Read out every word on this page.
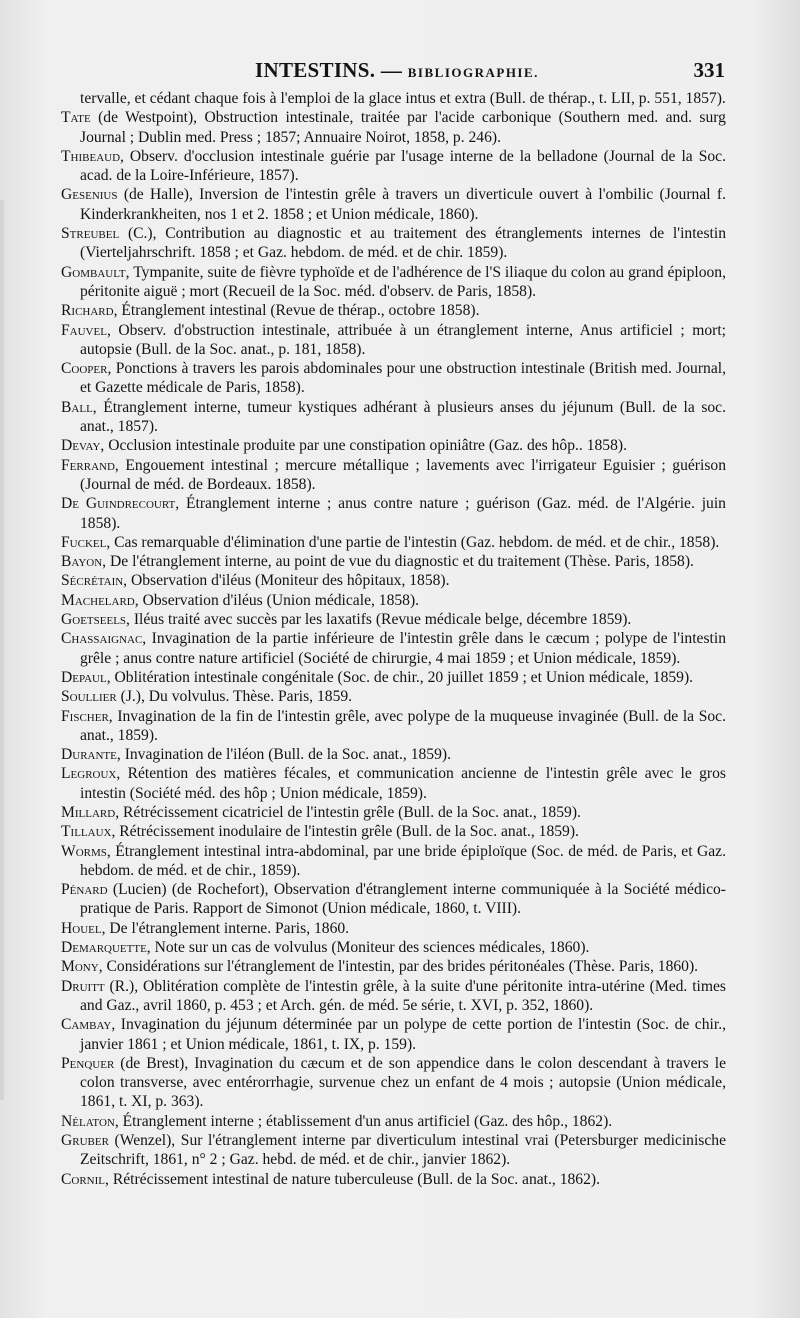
INTESTINS. — BIBLIOGRAPHIE.	331

tervalle, et cédant chaque fois à l'emploi de la glace intus et extra (Bull. de thérap., t. LII, p. 551, 1857).

Tate (de Westpoint), Obstruction intestinale, traitée par l'acide carbonique (Southern med. and. surg Journal ; Dublin med. Press ; 1857; Annuaire Noirot, 1858, p. 246).

Thibeaud, Observ. d'occlusion intestinale guérie par l'usage interne de la belladone (Journal de la Soc. acad. de la Loire-Inférieure, 1857).

Gesenius (de Halle), Inversion de l'intestin grêle à travers un diverticule ouvert à l'ombilic (Journal f. Kinderkrankheiten, nos 1 et 2. 1858 ; et Union médicale, 1860).

Streubel (C.), Contribution au diagnostic et au traitement des étranglements internes de l'intestin (Vierteljahrschrift. 1858 ; et Gaz. hebdom. de méd. et de chir. 1859).

Gombault, Tympanite, suite de fièvre typhoïde et de l'adhérence de l'S iliaque du colon au grand épiploon, péritonite aiguë ; mort (Recueil de la Soc. méd. d'observ. de Paris, 1858).

Richard, Étranglement intestinal (Revue de thérap., octobre 1858).

Fauvel, Observ. d'obstruction intestinale, attribuée à un étranglement interne, Anus artificiel ; mort; autopsie (Bull. de la Soc. anat., p. 181, 1858).

Cooper, Ponctions à travers les parois abdominales pour une obstruction intestinale (British med. Journal, et Gazette médicale de Paris, 1858).

Ball, Étranglement interne, tumeur kystiques adhérant à plusieurs anses du jéjunum (Bull. de la soc. anat., 1857).

Devay, Occlusion intestinale produite par une constipation opiniâtre (Gaz. des hôp.. 1858).

Ferrand, Engouement intestinal ; mercure métallique ; lavements avec l'irrigateur Eguisier ; guérison (Journal de méd. de Bordeaux. 1858).

De Guindrecourt, Étranglement interne ; anus contre nature ; guérison (Gaz. méd. de l'Algérie. juin 1858).

Fuckel, Cas remarquable d'élimination d'une partie de l'intestin (Gaz. hebdom. de méd. et de chir., 1858).

Bayon, De l'étranglement interne, au point de vue du diagnostic et du traitement (Thèse. Paris, 1858).

Sécrétain, Observation d'iléus (Moniteur des hôpitaux, 1858).

Machelard, Observation d'iléus (Union médicale, 1858).

Goetseels, Iléus traité avec succès par les laxatifs (Revue médicale belge, décembre 1859).

Chassaignac, Invagination de la partie inférieure de l'intestin grêle dans le cæcum ; polype de l'intestin grêle ; anus contre nature artificiel (Société de chirurgie, 4 mai 1859 ; et Union médicale, 1859).

Depaul, Oblitération intestinale congénitale (Soc. de chir., 20 juillet 1859 ; et Union médicale, 1859).

Soullier (J.), Du volvulus. Thèse. Paris, 1859.

Fischer, Invagination de la fin de l'intestin grêle, avec polype de la muqueuse invaginée (Bull. de la Soc. anat., 1859).

Durante, Invagination de l'iléon (Bull. de la Soc. anat., 1859).

Legroux, Rétention des matières fécales, et communication ancienne de l'intestin grêle avec le gros intestin (Société méd. des hôp ; Union médicale, 1859).

Millard, Rétrécissement cicatriciel de l'intestin grêle (Bull. de la Soc. anat., 1859).

Tillaux, Rétrécissement inodulaire de l'intestin grêle (Bull. de la Soc. anat., 1859).

Worms, Étranglement intestinal intra-abdominal, par une bride épiploïque (Soc. de méd. de Paris, et Gaz. hebdom. de méd. et de chir., 1859).

Pénard (Lucien) (de Rochefort), Observation d'étranglement interne communiquée à la Société médico-pratique de Paris. Rapport de Simonot (Union médicale, 1860, t. VIII).

Houel, De l'étranglement interne. Paris, 1860.

Demarquette, Note sur un cas de volvulus (Moniteur des sciences médicales, 1860).

Mony, Considérations sur l'étranglement de l'intestin, par des brides péritonéales (Thèse. Paris, 1860).

Druitt (R.), Oblitération complète de l'intestin grêle, à la suite d'une péritonite intra-utérine (Med. times and Gaz., avril 1860, p. 453 ; et Arch. gén. de méd. 5e série, t. XVI, p. 352, 1860).

Cambay, Invagination du jéjunum déterminée par un polype de cette portion de l'intestin (Soc. de chir., janvier 1861 ; et Union médicale, 1861, t. IX, p. 159).

Penquer (de Brest), Invagination du cæcum et de son appendice dans le colon descendant à travers le colon transverse, avec entérorrhagie, survenue chez un enfant de 4 mois ; autopsie (Union médicale, 1861, t. XI, p. 363).

Nélaton, Étranglement interne ; établissement d'un anus artificiel (Gaz. des hôp., 1862).

Gruber (Wenzel), Sur l'étranglement interne par diverticulum intestinal vrai (Petersburger medicinische Zeitschrift, 1861, n° 2 ; Gaz. hebd. de méd. et de chir., janvier 1862).

Cornil, Rétrécissement intestinal de nature tuberculeuse (Bull. de la Soc. anat., 1862).
